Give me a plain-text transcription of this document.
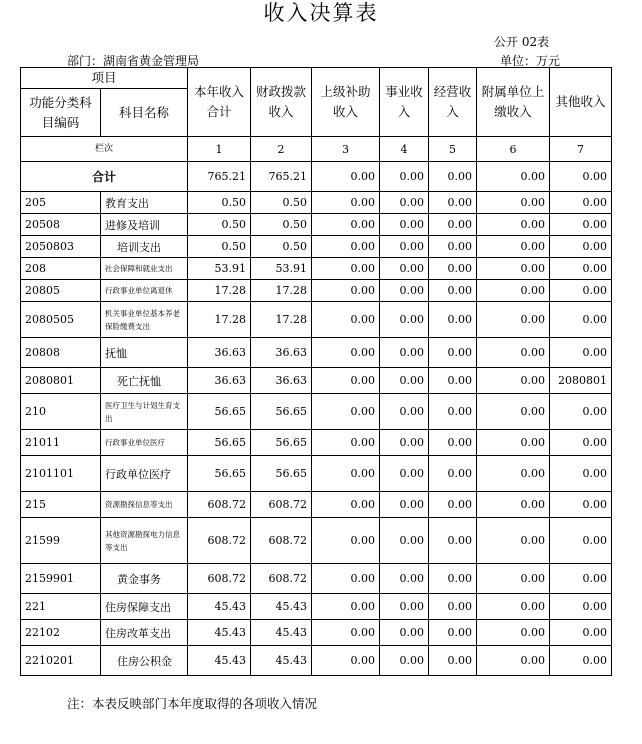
收入决算表
公开 02表
部门：湖南省黄金管理局	单位：万元
项目		本年收入合计	财政拨款收入	上级补助收入	事业收入	经营收入	附属单位上缴收入	其他收入
功能分类科目编码	科目名称							
栏次		1	2	3	4	5	6	7
合计		765.21	765.21	0.00	0.00	0.00	0.00	0.00
205	教育支出	0.50	0.50	0.00	0.00	0.00	0.00	0.00
20508	进修及培训	0.50	0.50	0.00	0.00	0.00	0.00	0.00
2050803	培训支出	0.50	0.50	0.00	0.00	0.00	0.00	0.00
208	社会保障和就业支出	53.91	53.91	0.00	0.00	0.00	0.00	0.00
20805	行政事业单位离退休	17.28	17.28	0.00	0.00	0.00	0.00	0.00
2080505	机关事业单位基本养老保险缴费支出	17.28	17.28	0.00	0.00	0.00	0.00	0.00
20808	抚恤	36.63	36.63	0.00	0.00	0.00	0.00	0.00
2080801	死亡抚恤	36.63	36.63	0.00	0.00	0.00	0.00	2080801
210	医疗卫生与计划生育支出	56.65	56.65	0.00	0.00	0.00	0.00	0.00
21011	行政事业单位医疗	56.65	56.65	0.00	0.00	0.00	0.00	0.00
2101101	行政单位医疗	56.65	56.65	0.00	0.00	0.00	0.00	0.00
215	资源勘探信息等支出	608.72	608.72	0.00	0.00	0.00	0.00	0.00
21599	其他资源勘探电力信息等支出	608.72	608.72	0.00	0.00	0.00	0.00	0.00
2159901	黄金事务	608.72	608.72	0.00	0.00	0.00	0.00	0.00
221	住房保障支出	45.43	45.43	0.00	0.00	0.00	0.00	0.00
22102	住房改革支出	45.43	45.43	0.00	0.00	0.00	0.00	0.00
2210201	住房公积金	45.43	45.43	0.00	0.00	0.00	0.00	0.00
注：本表反映部门本年度取得的各项收入情况
